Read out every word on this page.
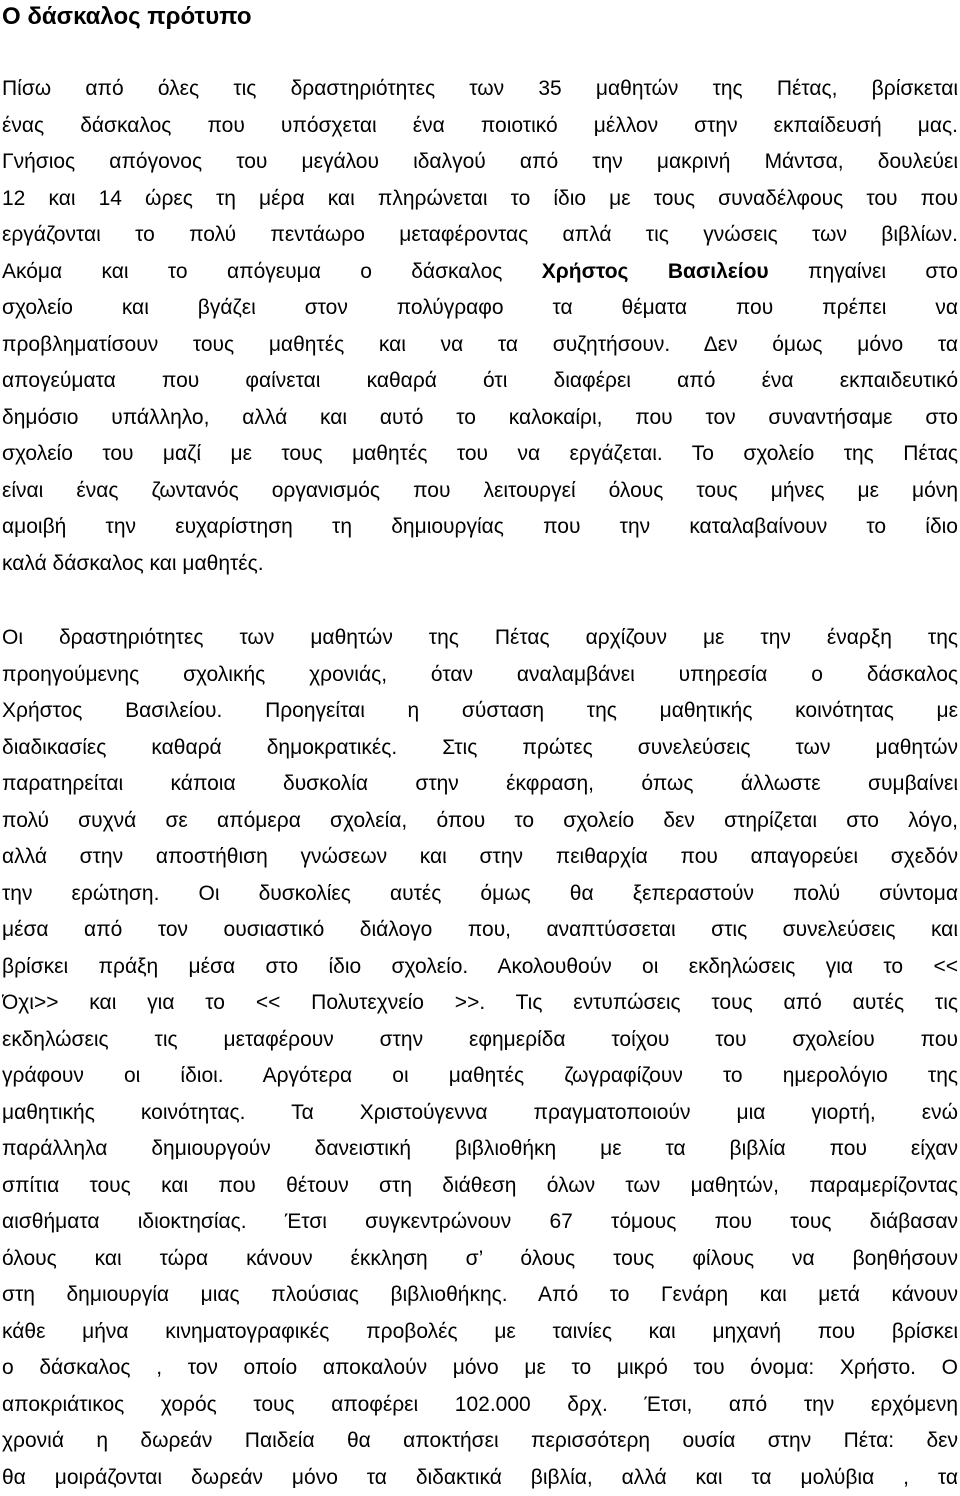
Ο δάσκαλος πρότυπο
Πίσω από όλες τις δραστηριότητες των 35 μαθητών της Πέτας, βρίσκεται
ένας δάσκαλος που υπόσχεται ένα ποιοτικό μέλλον στην εκπαίδευσή μας.
Γνήσιος απόγονος του μεγάλου ιδαλγού από την μακρινή Μάντσα, δουλεύει
12 και 14 ώρες τη μέρα και πληρώνεται το ίδιο με τους συναδέλφους του που
εργάζονται το πολύ πεντάωρο μεταφέροντας απλά τις γνώσεις των βιβλίων.
Ακόμα και το απόγευμα ο δάσκαλος Χρήστος Βασιλείου πηγαίνει στο
σχολείο και βγάζει στον πολύγραφο τα θέματα που πρέπει να
προβληματίσουν τους μαθητές και να τα συζητήσουν. Δεν όμως μόνο τα
απογεύματα που φαίνεται καθαρά ότι διαφέρει από ένα εκπαιδευτικό
δημόσιο υπάλληλο, αλλά και αυτό το καλοκαίρι, που τον συναντήσαμε στο
σχολείο του μαζί με τους μαθητές του να εργάζεται. Το σχολείο της Πέτας
είναι ένας ζωντανός οργανισμός που λειτουργεί όλους τους μήνες με μόνη
αμοιβή την ευχαρίστηση τη δημιουργίας που την καταλαβαίνουν το ίδιο
καλά δάσκαλος και μαθητές.
Οι δραστηριότητες των μαθητών της Πέτας αρχίζουν με την έναρξη της
προηγούμενης σχολικής χρονιάς, όταν αναλαμβάνει υπηρεσία ο δάσκαλος
Χρήστος Βασιλείου. Προηγείται η σύσταση της μαθητικής κοινότητας με
διαδικασίες καθαρά δημοκρατικές. Στις πρώτες συνελεύσεις των μαθητών
παρατηρείται κάποια δυσκολία στην έκφραση, όπως άλλωστε συμβαίνει
πολύ συχνά σε απόμερα σχολεία, όπου το σχολείο δεν στηρίζεται στο λόγο,
αλλά στην αποστήθιση γνώσεων και στην πειθαρχία που απαγορεύει σχεδόν
την ερώτηση. Οι δυσκολίες αυτές όμως θα ξεπεραστούν πολύ σύντομα
μέσα από τον ουσιαστικό διάλογο που, αναπτύσσεται στις συνελεύσεις και
βρίσκει πράξη μέσα στο ίδιο σχολείο. Ακολουθούν οι εκδηλώσεις για το <<
Όχι>> και για το << Πολυτεχνείο >>. Τις εντυπώσεις τους από αυτές τις
εκδηλώσεις τις μεταφέρουν στην εφημερίδα τοίχου του σχολείου που
γράφουν οι ίδιοι. Αργότερα οι μαθητές ζωγραφίζουν το ημερολόγιο της
μαθητικής κοινότητας. Τα Χριστούγεννα πραγματοποιούν μια γιορτή, ενώ
παράλληλα δημιουργούν δανειστική βιβλιοθήκη με τα βιβλία που είχαν
σπίτια τους και που θέτουν στη διάθεση όλων των μαθητών, παραμερίζοντας
αισθήματα ιδιοκτησίας. Έτσι συγκεντρώνουν 67 τόμους που τους διάβασαν
όλους και τώρα κάνουν έκκληση σ’ όλους τους φίλους να βοηθήσουν
στη δημιουργία μιας πλούσιας βιβλιοθήκης. Από το Γενάρη και μετά κάνουν
κάθε μήνα κινηματογραφικές προβολές με ταινίες και μηχανή που βρίσκει
ο δάσκαλος , τον οποίο αποκαλούν μόνο με το μικρό του όνομα: Χρήστο. Ο
αποκριάτικος χορός τους αποφέρει 102.000 δρχ. Έτσι, από την ερχόμενη
χρονιά η δωρεάν Παιδεία θα αποκτήσει περισσότερη ουσία στην Πέτα: δεν
θα μοιράζονται δωρεάν μόνο τα διδακτικά βιβλία, αλλά και τα μολύβια , τα
